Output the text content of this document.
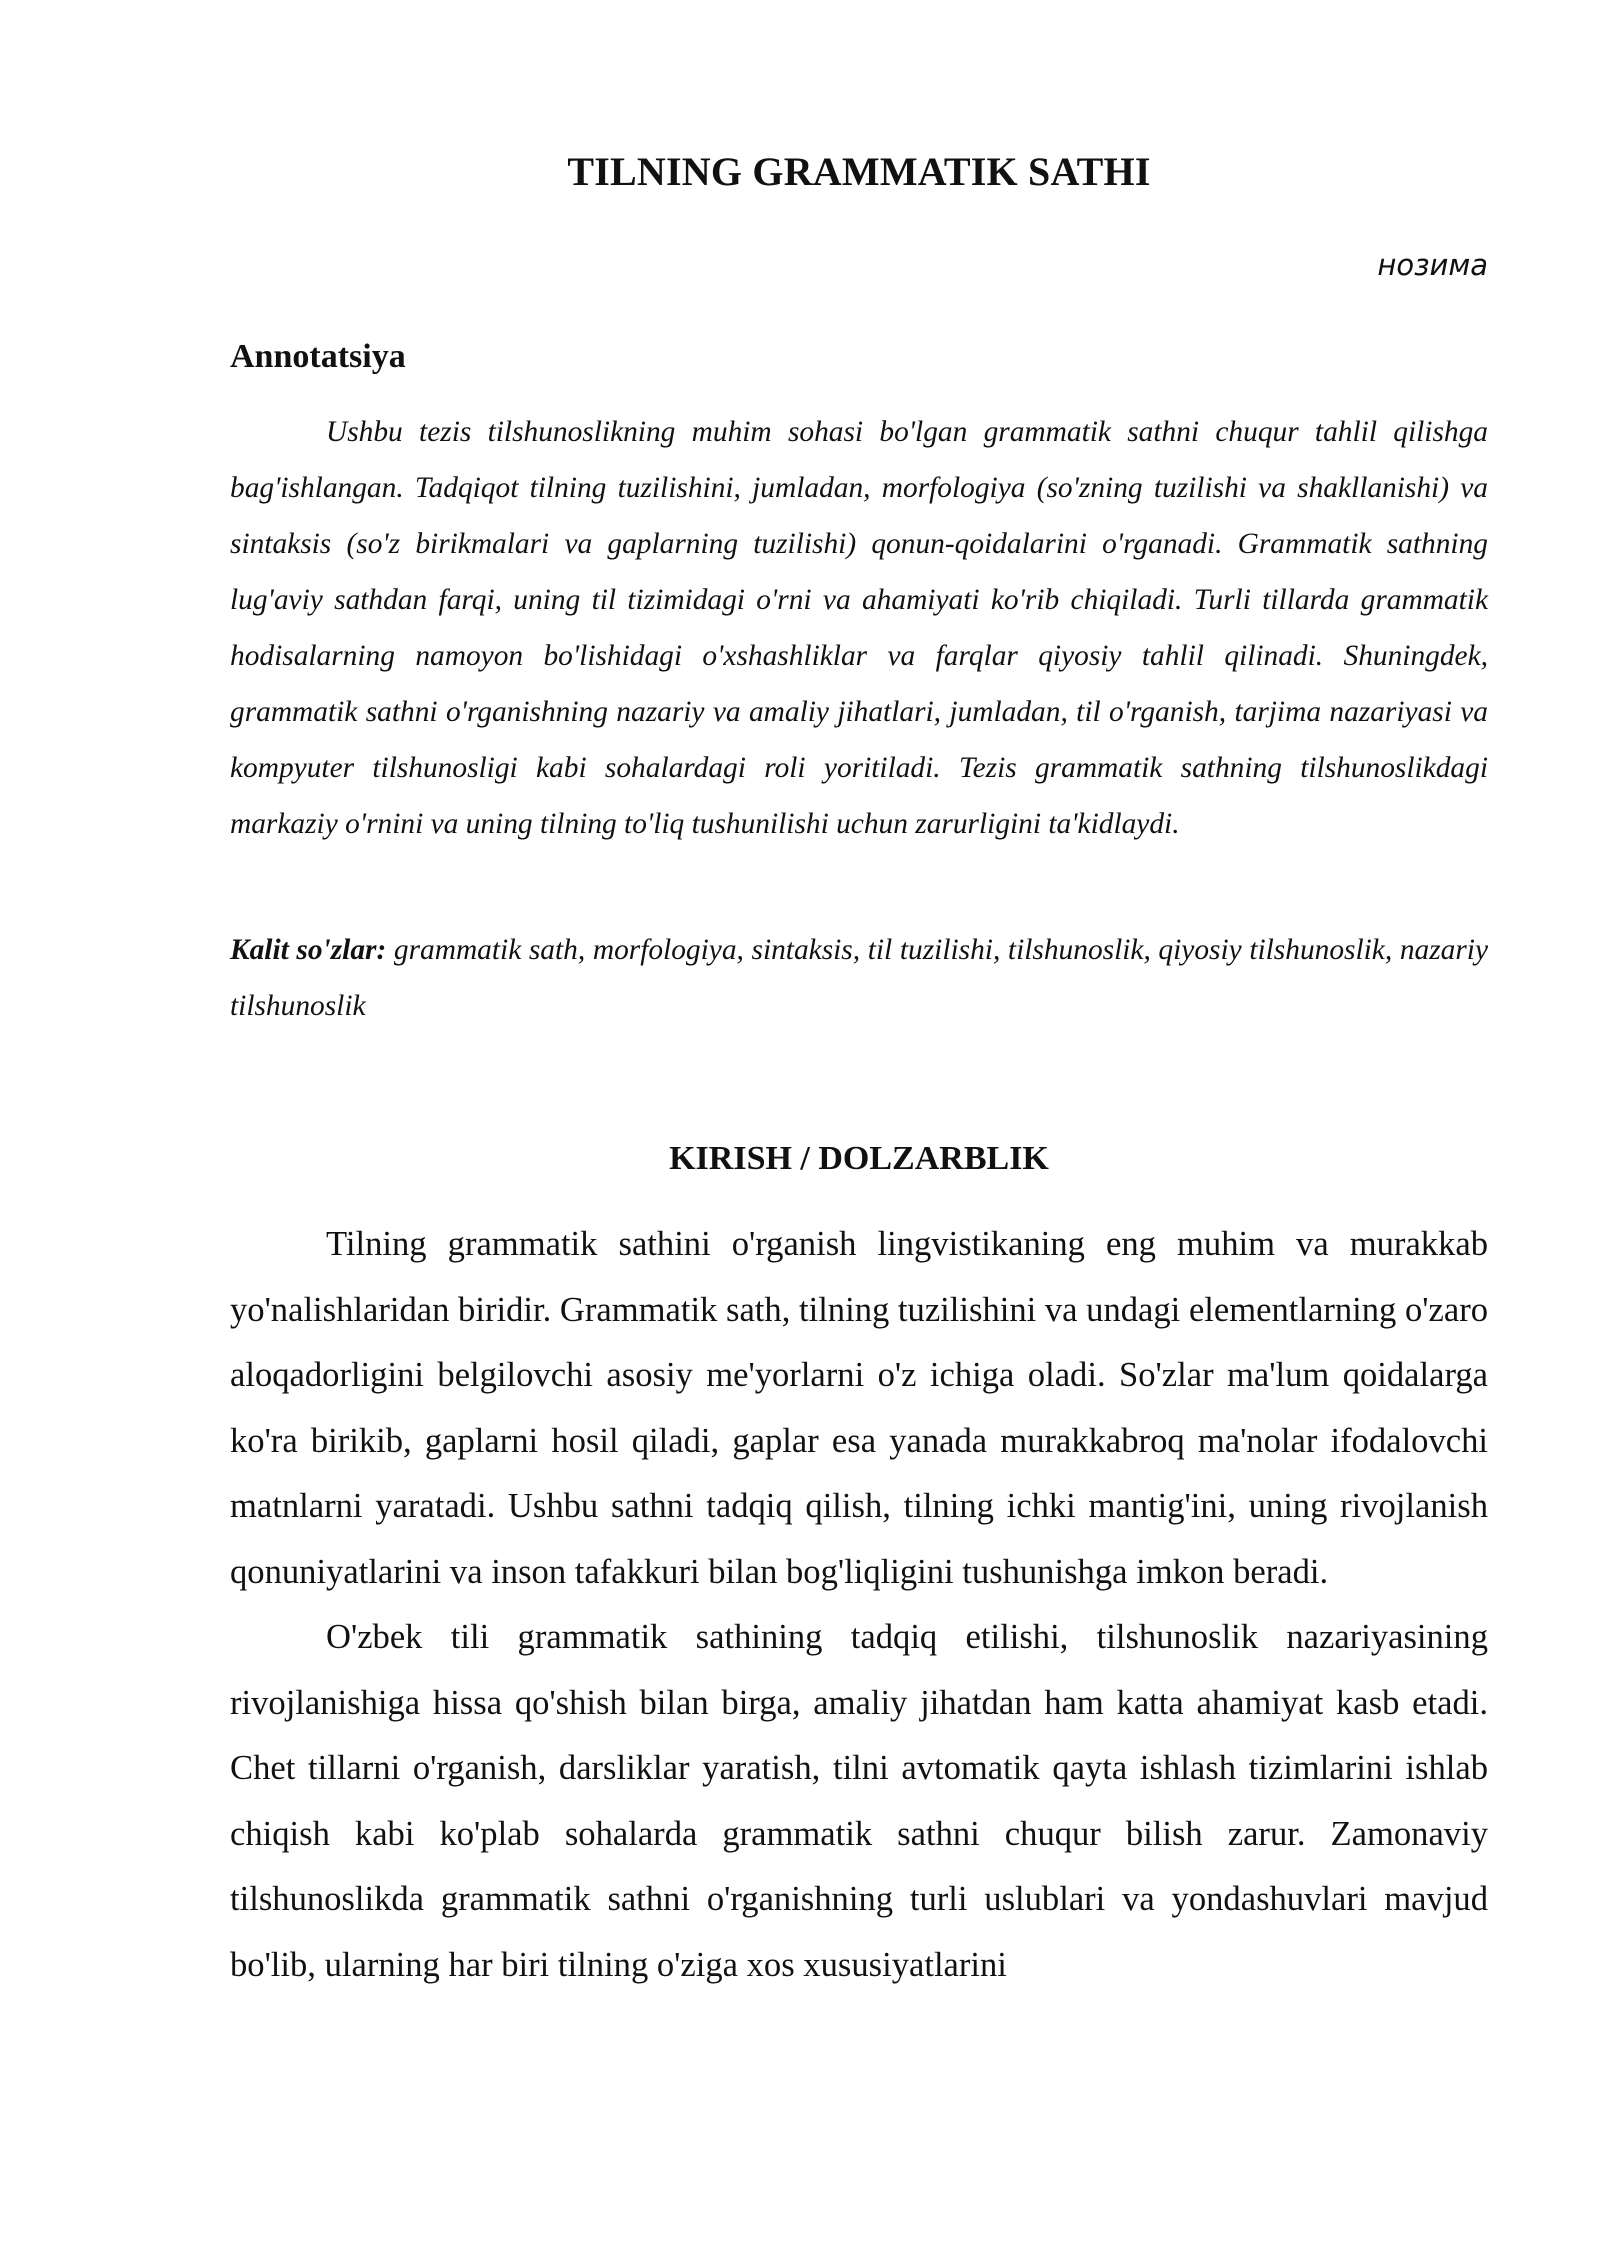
TILNING GRAMMATIK SATHI
нозима
Annotatsiya

Ushbu tezis tilshunoslikning muhim sohasi bo'lgan grammatik sathni chuqur tahlil qilishga bag'ishlangan. Tadqiqot tilning tuzilishini, jumladan, morfologiya (so'zning tuzilishi va shakllanishi) va sintaksis (so'z birikmalari va gaplarning tuzilishi) qonun-qoidalarini o'rganadi. Grammatik sathning lug'aviy sathdan farqi, uning til tizimidagi o'rni va ahamiyati ko'rib chiqiladi. Turli tillarda grammatik hodisalarning namoyon bo'lishidagi o'xshashliklar va farqlar qiyosiy tahlil qilinadi. Shuningdek, grammatik sathni o'rganishning nazariy va amaliy jihatlari, jumladan, til o'rganish, tarjima nazariyasi va kompyuter tilshunosligi kabi sohalardagi roli yoritiladi. Tezis grammatik sathning tilshunoslikdagi markaziy o'rnini va uning tilning to'liq tushunilishi uchun zarurligini ta'kidlaydi.

Kalit so'zlar: grammatik sath, morfologiya, sintaksis, til tuzilishi, tilshunoslik, qiyosiy tilshunoslik, nazariy tilshunoslik

KIRISH / DOLZARBLIK

Tilning grammatik sathini o'rganish lingvistikaning eng muhim va murakkab yo'nalishlaridan biridir. Grammatik sath, tilning tuzilishini va undagi elementlarning o'zaro aloqadorligini belgilovchi asosiy me'yorlarni o'z ichiga oladi. So'zlar ma'lum qoidalarga ko'ra birikib, gaplarni hosil qiladi, gaplar esa yanada murakkabroq ma'nolar ifodalovchi matnlarni yaratadi. Ushbu sathni tadqiq qilish, tilning ichki mantig'ini, uning rivojlanish qonuniyatlarini va inson tafakkuri bilan bog'liqligini tushunishga imkon beradi.

O'zbek tili grammatik sathining tadqiq etilishi, tilshunoslik nazariyasining rivojlanishiga hissa qo'shish bilan birga, amaliy jihatdan ham katta ahamiyat kasb etadi. Chet tillarni o'rganish, darsliklar yaratish, tilni avtomatik qayta ishlash tizimlarini ishlab chiqish kabi ko'plab sohalarda grammatik sathni chuqur bilish zarur. Zamonaviy tilshunoslikda grammatik sathni o'rganishning turli uslublari va yondashuvlari mavjud bo'lib, ularning har biri tilning o'ziga xos xususiyatlarini
